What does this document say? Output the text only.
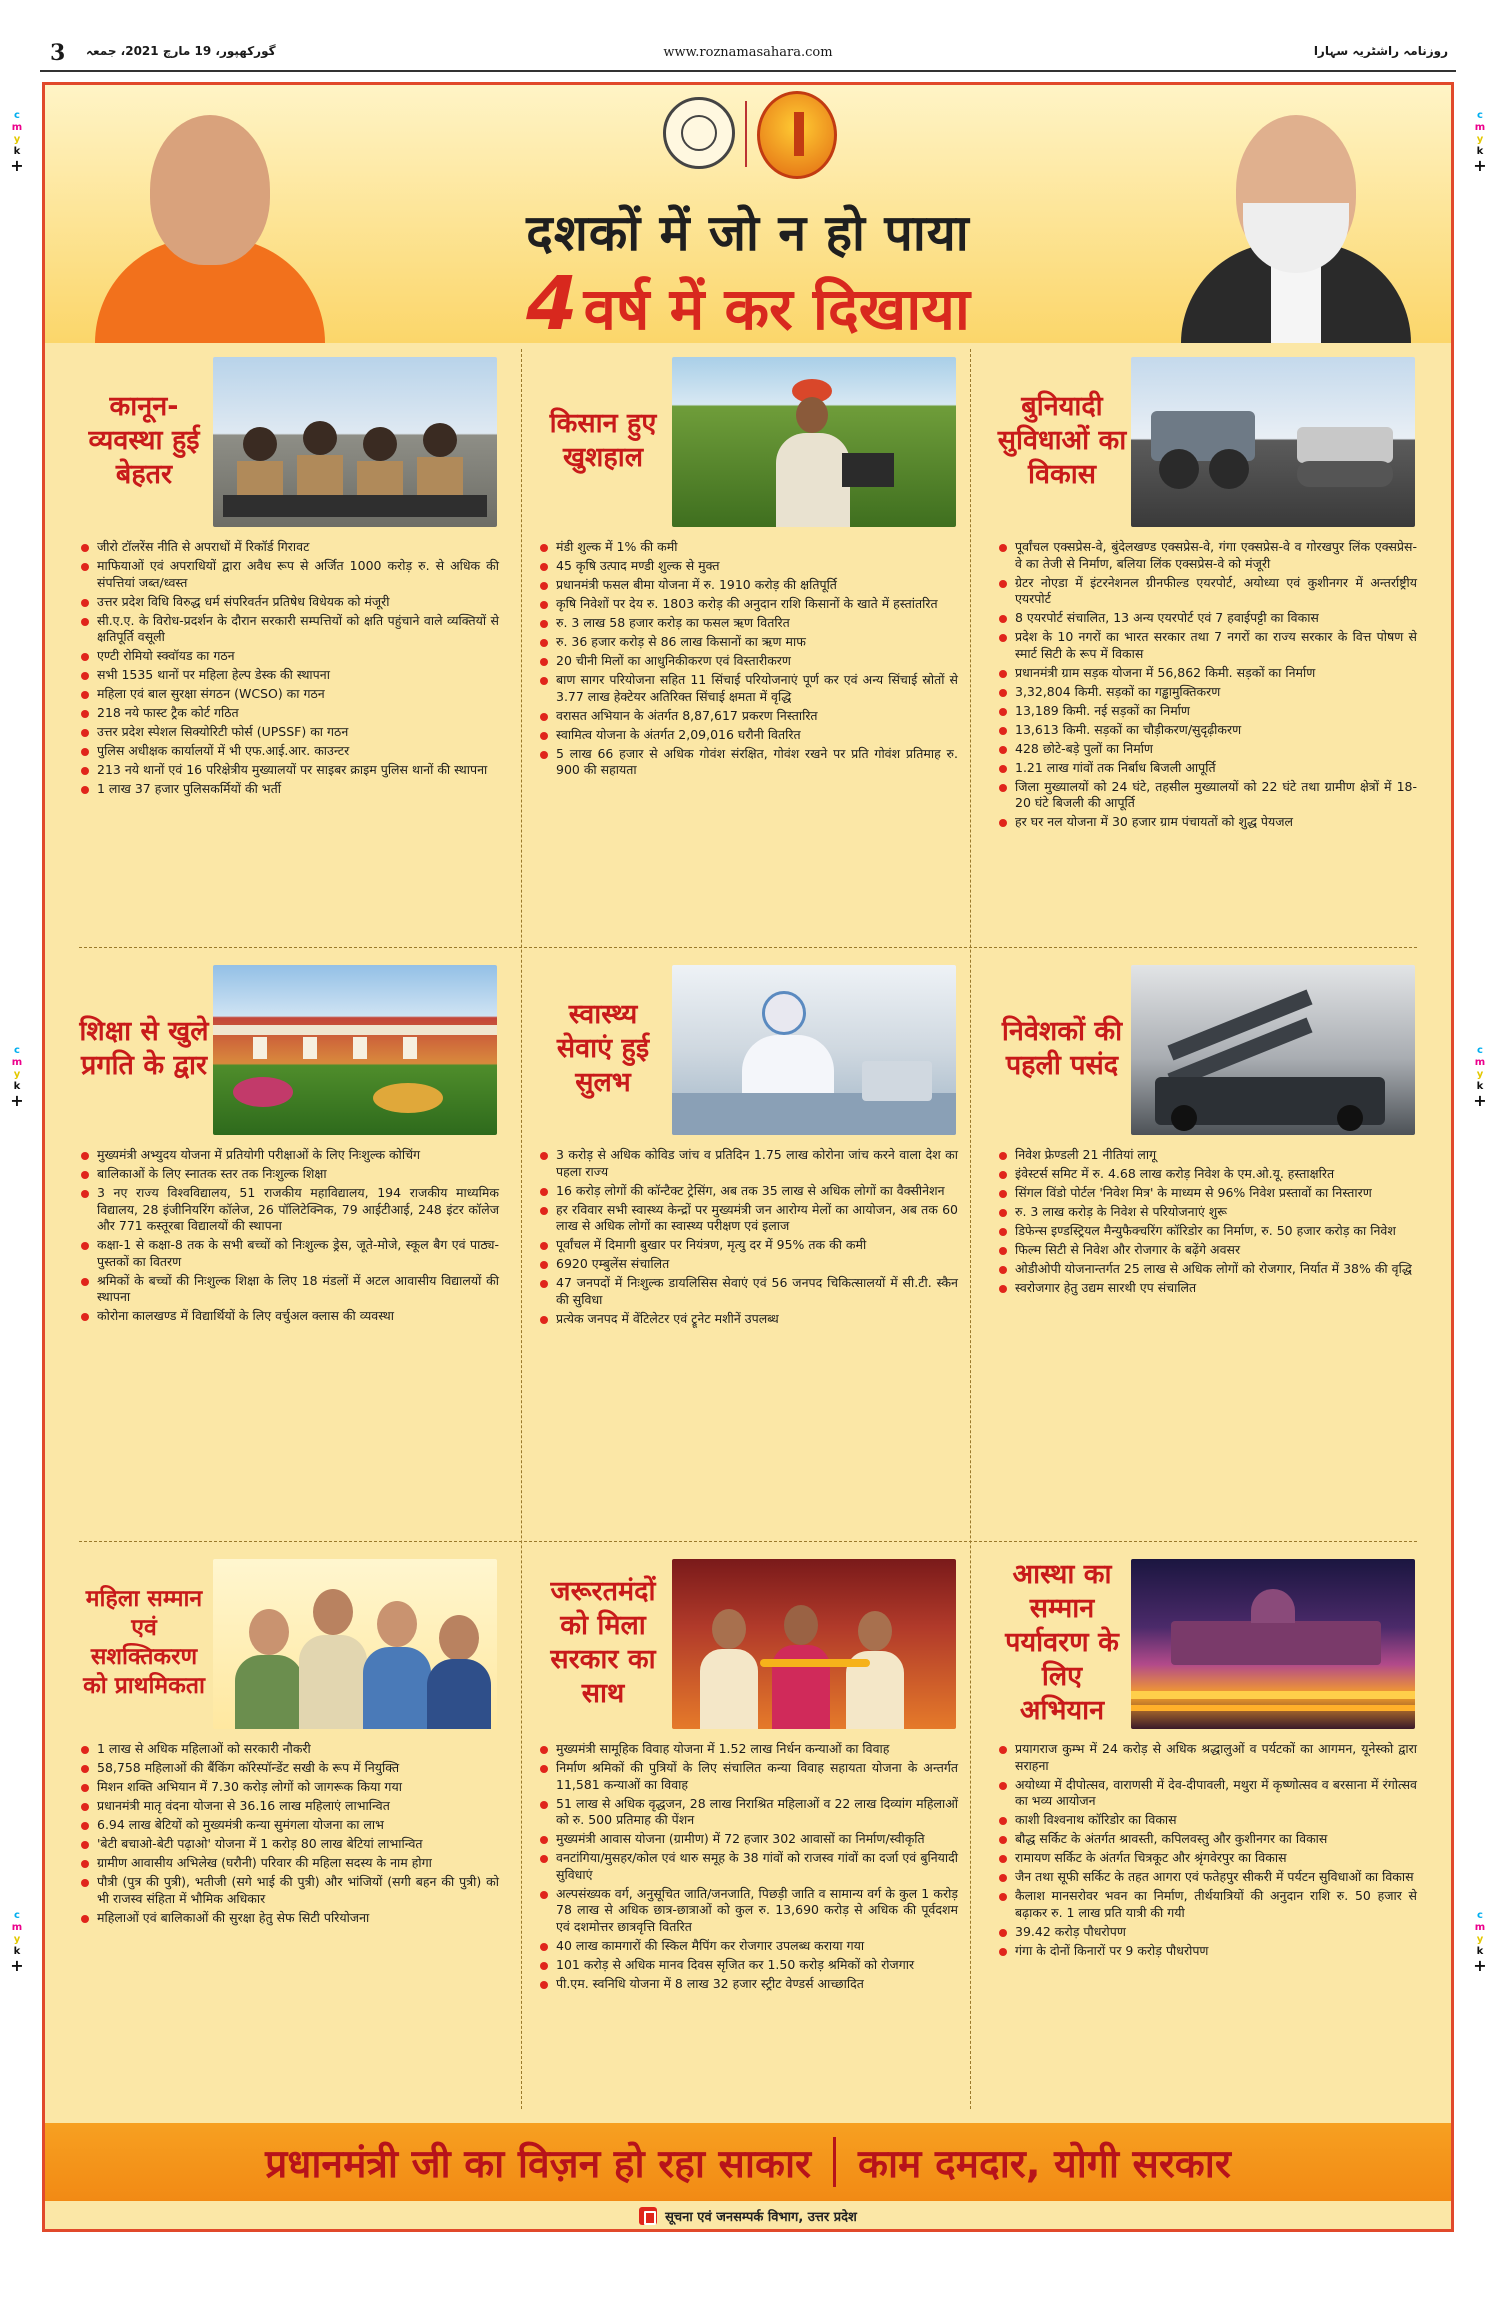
3 گورکھپور، 19 مارچ 2021، جمعہ	www.roznamasahara.com	روزنامہ راشٹریہ سہارا
c
m
y
k
+
c
m
y
k
+
c
m
y
k
+
c
m
y
k
+
c
m
y
k
+
c
m
y
k
+
दशकों में जो न हो पाया
4वर्ष में कर दिखाया
कानून-व्यवस्था हुई बेहतर
जीरो टॉलरेंस नीति से अपराधों में रिकॉर्ड गिरावट
माफियाओं एवं अपराधियों द्वारा अवैध रूप से अर्जित 1000 करोड़ रु. से अधिक की संपत्तियां जब्त/ध्वस्त
उत्तर प्रदेश विधि विरुद्ध धर्म संपरिवर्तन प्रतिषेध विधेयक को मंजूरी
सी.ए.ए. के विरोध-प्रदर्शन के दौरान सरकारी सम्पत्तियों को क्षति पहुंचाने वाले व्यक्तियों से क्षतिपूर्ति वसूली
एण्टी रोमियो स्क्वॉयड का गठन
सभी 1535 थानों पर महिला हेल्प डेस्क की स्थापना
महिला एवं बाल सुरक्षा संगठन (WCSO) का गठन
218 नये फास्ट ट्रैक कोर्ट गठित
उत्तर प्रदेश स्पेशल सिक्योरिटी फोर्स (UPSSF) का गठन
पुलिस अधीक्षक कार्यालयों में भी एफ.आई.आर. काउन्टर
213 नये थानों एवं 16 परिक्षेत्रीय मुख्यालयों पर साइबर क्राइम पुलिस थानों की स्थापना
1 लाख 37 हजार पुलिसकर्मियों की भर्ती
किसान हुए खुशहाल
मंडी शुल्क में 1% की कमी
45 कृषि उत्पाद मण्डी शुल्क से मुक्त
प्रधानमंत्री फसल बीमा योजना में रु. 1910 करोड़ की क्षतिपूर्ति
कृषि निवेशों पर देय रु. 1803 करोड़ की अनुदान राशि किसानों के खाते में हस्तांतरित
रु. 3 लाख 58 हजार करोड़ का फसल ऋण वितरित
रु. 36 हजार करोड़ से 86 लाख किसानों का ऋण माफ
20 चीनी मिलों का आधुनिकीकरण एवं विस्तारीकरण
बाण सागर परियोजना सहित 11 सिंचाई परियोजनाएं पूर्ण कर एवं अन्य सिंचाई स्रोतों से 3.77 लाख हेक्टेयर अतिरिक्त सिंचाई क्षमता में वृद्धि
वरासत अभियान के अंतर्गत 8,87,617 प्रकरण निस्तारित
स्वामित्व योजना के अंतर्गत 2,09,016 घरौनी वितरित
5 लाख 66 हजार से अधिक गोवंश संरक्षित, गोवंश रखने पर प्रति गोवंश प्रतिमाह रु. 900 की सहायता
बुनियादी सुविधाओं का विकास
पूर्वांचल एक्सप्रेस-वे, बुंदेलखण्ड एक्सप्रेस-वे, गंगा एक्सप्रेस-वे व गोरखपुर लिंक एक्सप्रेस-वे का तेजी से निर्माण, बलिया लिंक एक्सप्रेस-वे को मंजूरी
ग्रेटर नोएडा में इंटरनेशनल ग्रीनफील्ड एयरपोर्ट, अयोध्या एवं कुशीनगर में अन्तर्राष्ट्रीय एयरपोर्ट
8 एयरपोर्ट संचालित, 13 अन्य एयरपोर्ट एवं 7 हवाईपट्टी का विकास
प्रदेश के 10 नगरों का भारत सरकार तथा 7 नगरों का राज्य सरकार के वित्त पोषण से स्मार्ट सिटी के रूप में विकास
प्रधानमंत्री ग्राम सड़क योजना में 56,862 किमी. सड़कों का निर्माण
3,32,804 किमी. सड़कों का गड्ढामुक्तिकरण
13,189 किमी. नई सड़कों का निर्माण
13,613 किमी. सड़कों का चौड़ीकरण/सुदृढ़ीकरण
428 छोटे-बड़े पुलों का निर्माण
1.21 लाख गांवों तक निर्बाध बिजली आपूर्ति
जिला मुख्यालयों को 24 घंटे, तहसील मुख्यालयों को 22 घंटे तथा ग्रामीण क्षेत्रों में 18-20 घंटे बिजली की आपूर्ति
हर घर नल योजना में 30 हजार ग्राम पंचायतों को शुद्ध पेयजल
शिक्षा से खुले प्रगति के द्वार
मुख्यमंत्री अभ्युदय योजना में प्रतियोगी परीक्षाओं के लिए निःशुल्क कोचिंग
बालिकाओं के लिए स्नातक स्तर तक निःशुल्क शिक्षा
3 नए राज्य विश्वविद्यालय, 51 राजकीय महाविद्यालय, 194 राजकीय माध्यमिक विद्यालय, 28 इंजीनियरिंग कॉलेज, 26 पॉलिटेक्निक, 79 आईटीआई, 248 इंटर कॉलेज और 771 कस्तूरबा विद्यालयों की स्थापना
कक्षा-1 से कक्षा-8 तक के सभी बच्चों को निःशुल्क ड्रेस, जूते-मोजे, स्कूल बैग एवं पाठ्य-पुस्तकों का वितरण
श्रमिकों के बच्चों की निःशुल्क शिक्षा के लिए 18 मंडलों में अटल आवासीय विद्यालयों की स्थापना
कोरोना कालखण्ड में विद्यार्थियों के लिए वर्चुअल क्लास की व्यवस्था
स्वास्थ्य सेवाएं हुई सुलभ
3 करोड़ से अधिक कोविड जांच व प्रतिदिन 1.75 लाख कोरोना जांच करने वाला देश का पहला राज्य
16 करोड़ लोगों की कॉन्टैक्ट ट्रेसिंग, अब तक 35 लाख से अधिक लोगों का वैक्सीनेशन
हर रविवार सभी स्वास्थ्य केन्द्रों पर मुख्यमंत्री जन आरोग्य मेलों का आयोजन, अब तक 60 लाख से अधिक लोगों का स्वास्थ्य परीक्षण एवं इलाज
पूर्वांचल में दिमागी बुखार पर नियंत्रण, मृत्यु दर में 95% तक की कमी
6920 एम्बुलेंस संचालित
47 जनपदों में निःशुल्क डायलिसिस सेवाएं एवं 56 जनपद चिकित्सालयों में सी.टी. स्कैन की सुविधा
प्रत्येक जनपद में वेंटिलेटर एवं ट्रूनेट मशीनें उपलब्ध
निवेशकों की पहली पसंद
निवेश फ्रेण्डली 21 नीतियां लागू
इंवेस्टर्स समिट में रु. 4.68 लाख करोड़ निवेश के एम.ओ.यू. हस्ताक्षरित
सिंगल विंडो पोर्टल 'निवेश मित्र' के माध्यम से 96% निवेश प्रस्तावों का निस्तारण
रु. 3 लाख करोड़ के निवेश से परियोजनाएं शुरू
डिफेन्स इण्डस्ट्रियल मैन्युफैक्चरिंग कॉरिडोर का निर्माण, रु. 50 हजार करोड़ का निवेश
फिल्म सिटी से निवेश और रोजगार के बढ़ेंगे अवसर
ओडीओपी योजनान्तर्गत 25 लाख से अधिक लोगों को रोजगार, निर्यात में 38% की वृद्धि
स्वरोजगार हेतु उद्यम सारथी एप संचालित
महिला सम्मान एवं सशक्तिकरण को प्राथमिकता
1 लाख से अधिक महिलाओं को सरकारी नौकरी
58,758 महिलाओं की बैंकिंग कॉरेस्पॉन्डेंट सखी के रूप में नियुक्ति
मिशन शक्ति अभियान में 7.30 करोड़ लोगों को जागरूक किया गया
प्रधानमंत्री मातृ वंदना योजना से 36.16 लाख महिलाएं लाभान्वित
6.94 लाख बेटियों को मुख्यमंत्री कन्या सुमंगला योजना का लाभ
'बेटी बचाओ-बेटी पढ़ाओ' योजना में 1 करोड़ 80 लाख बेटियां लाभान्वित
ग्रामीण आवासीय अभिलेख (घरौनी) परिवार की महिला सदस्य के नाम होगा
पौत्री (पुत्र की पुत्री), भतीजी (सगे भाई की पुत्री) और भांजियों (सगी बहन की पुत्री) को भी राजस्व संहिता में भौमिक अधिकार
महिलाओं एवं बालिकाओं की सुरक्षा हेतु सेफ सिटी परियोजना
जरूरतमंदों को मिला सरकार का साथ
मुख्यमंत्री सामूहिक विवाह योजना में 1.52 लाख निर्धन कन्याओं का विवाह
निर्माण श्रमिकों की पुत्रियों के लिए संचालित कन्या विवाह सहायता योजना के अन्तर्गत 11,581 कन्याओं का विवाह
51 लाख से अधिक वृद्धजन, 28 लाख निराश्रित महिलाओं व 22 लाख दिव्यांग महिलाओं को रु. 500 प्रतिमाह की पेंशन
मुख्यमंत्री आवास योजना (ग्रामीण) में 72 हजार 302 आवासों का निर्माण/स्वीकृति
वनटांगिया/मुसहर/कोल एवं थारु समूह के 38 गांवों को राजस्व गांवों का दर्जा एवं बुनियादी सुविधाएं
अल्पसंख्यक वर्ग, अनुसूचित जाति/जनजाति, पिछड़ी जाति व सामान्य वर्ग के कुल 1 करोड़ 78 लाख से अधिक छात्र-छात्राओं को कुल रु. 13,690 करोड़ से अधिक की पूर्वदशम एवं दशमोत्तर छात्रवृत्ति वितरित
40 लाख कामगारों की स्किल मैपिंग कर रोजगार उपलब्ध कराया गया
101 करोड़ से अधिक मानव दिवस सृजित कर 1.50 करोड़ श्रमिकों को रोजगार
पी.एम. स्वनिधि योजना में 8 लाख 32 हजार स्ट्रीट वेण्डर्स आच्छादित
आस्था का सम्मान पर्यावरण के लिए अभियान
प्रयागराज कुम्भ में 24 करोड़ से अधिक श्रद्धालुओं व पर्यटकों का आगमन, यूनेस्को द्वारा सराहना
अयोध्या में दीपोत्सव, वाराणसी में देव-दीपावली, मथुरा में कृष्णोत्सव व बरसाना में रंगोत्सव का भव्य आयोजन
काशी विश्वनाथ कॉरिडोर का विकास
बौद्ध सर्किट के अंतर्गत श्रावस्ती, कपिलवस्तु और कुशीनगर का विकास
रामायण सर्किट के अंतर्गत चित्रकूट और श्रृंगवेरपुर का विकास
जैन तथा सूफी सर्किट के तहत आगरा एवं फतेहपुर सीकरी में पर्यटन सुविधाओं का विकास
कैलाश मानसरोवर भवन का निर्माण, तीर्थयात्रियों की अनुदान राशि रु. 50 हजार से बढ़ाकर रु. 1 लाख प्रति यात्री की गयी
39.42 करोड़ पौधरोपण
गंगा के दोनों किनारों पर 9 करोड़ पौधरोपण
प्रधानमंत्री जी का विज़न हो रहा साकार काम दमदार, योगी सरकार
सूचना एवं जनसम्पर्क विभाग, उत्तर प्रदेश
